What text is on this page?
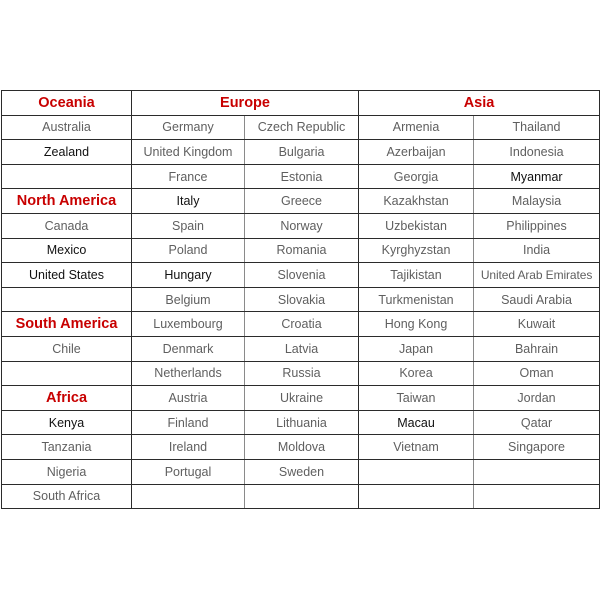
Oceania	Europe		Asia	
Australia	Germany	Czech Republic	Armenia	Thailand
Zealand	United Kingdom	Bulgaria	Azerbaijan	Indonesia
	France	Estonia	Georgia	Myanmar
North America	Italy	Greece	Kazakhstan	Malaysia
Canada	Spain	Norway	Uzbekistan	Philippines
Mexico	Poland	Romania	Kyrghyzstan	India
United States	Hungary	Slovenia	Tajikistan	United Arab Emirates
	Belgium	Slovakia	Turkmenistan	Saudi Arabia
South America	Luxembourg	Croatia	Hong Kong	Kuwait
Chile	Denmark	Latvia	Japan	Bahrain
	Netherlands	Russia	Korea	Oman
Africa	Austria	Ukraine	Taiwan	Jordan
Kenya	Finland	Lithuania	Macau	Qatar
Tanzania	Ireland	Moldova	Vietnam	Singapore
Nigeria	Portugal	Sweden		
South Africa				
